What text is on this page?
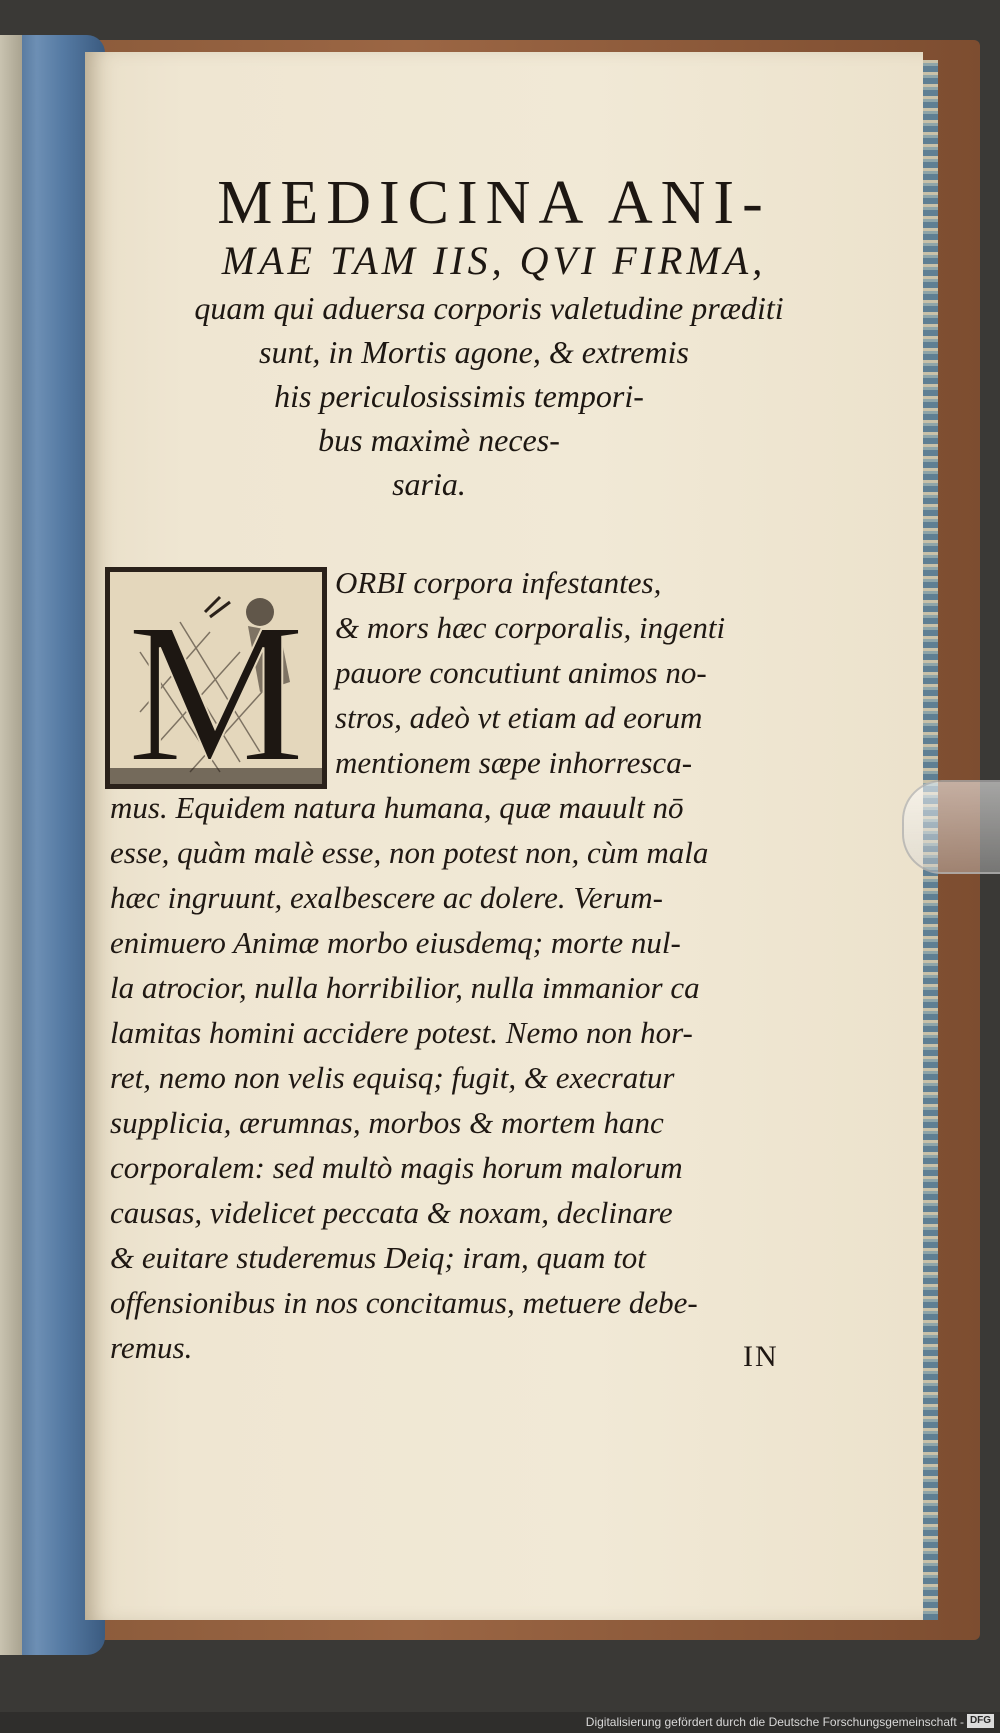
MEDICINA ANI-
MAE TAM IIS, QVI FIRMA,
quam qui aduersa corporis valetudine præditi
sunt, in Mortis agone, & extremis
his periculosissimis tempori-
bus maximè neces-
saria.
M
ORBI corpora infestantes,
& mors hæc corporalis, ingenti
pauore concutiunt animos no-
stros, adeò vt etiam ad eorum
mentionem sæpe inhorresca-
mus. Equidem natura humana, quæ mauult nō
esse, quàm malè esse, non potest non, cùm mala
hæc ingruunt, exalbescere ac dolere. Verum-
enimuero Animæ morbo eiusdemq; morte nul-
la atrocior, nulla horribilior, nulla immanior ca
lamitas homini accidere potest. Nemo non hor-
ret, nemo non velis equisq; fugit, & execratur
supplicia, ærumnas, morbos & mortem hanc
corporalem: sed multò magis horum malorum
causas, videlicet peccata & noxam, declinare
& euitare studeremus Deiq; iram, quam tot
offensionibus in nos concitamus, metuere debe-
remus.	IN
Digitalisierung gefördert durch die Deutsche Forschungsgemeinschaft - DFG
